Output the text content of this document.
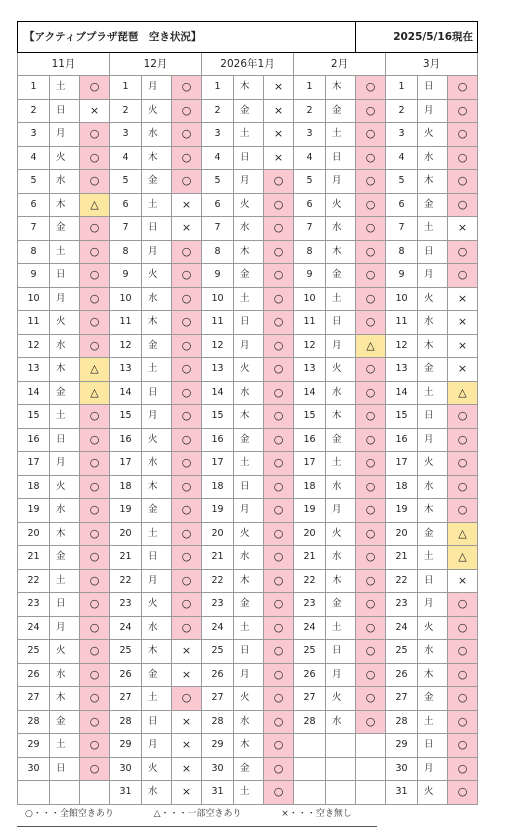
【アクティブプラザ琵琶　空き状況】											2025/5/16現在			
11月			12月			2026年1月			2月			3月		
1	土	○	1	月	○	1	木	×	1	木	○	1	日	○
2	日	×	2	火	○	2	金	×	2	金	○	2	月	○
3	月	○	3	水	○	3	土	×	3	土	○	3	火	○
4	火	○	4	木	○	4	日	×	4	日	○	4	水	○
5	水	○	5	金	○	5	月	○	5	月	○	5	木	○
6	木	△	6	土	×	6	火	○	6	火	○	6	金	○
7	金	○	7	日	×	7	水	○	7	水	○	7	土	×
8	土	○	8	月	○	8	木	○	8	木	○	8	日	○
9	日	○	9	火	○	9	金	○	9	金	○	9	月	○
10	月	○	10	水	○	10	土	○	10	土	○	10	火	×
11	火	○	11	木	○	11	日	○	11	日	○	11	水	×
12	水	○	12	金	○	12	月	○	12	月	△	12	木	×
13	木	△	13	土	○	13	火	○	13	火	○	13	金	×
14	金	△	14	日	○	14	水	○	14	水	○	14	土	△
15	土	○	15	月	○	15	木	○	15	木	○	15	日	○
16	日	○	16	火	○	16	金	○	16	金	○	16	月	○
17	月	○	17	水	○	17	土	○	17	土	○	17	火	○
18	火	○	18	木	○	18	日	○	18	水	○	18	水	○
19	水	○	19	金	○	19	月	○	19	月	○	19	木	○
20	木	○	20	土	○	20	火	○	20	火	○	20	金	△
21	金	○	21	日	○	21	水	○	21	水	○	21	土	△
22	土	○	22	月	○	22	木	○	22	木	○	22	日	×
23	日	○	23	火	○	23	金	○	23	金	○	23	月	○
24	月	○	24	水	○	24	土	○	24	土	○	24	火	○
25	火	○	25	木	×	25	日	○	25	日	○	25	水	○
26	水	○	26	金	×	26	月	○	26	月	○	26	木	○
27	木	○	27	土	○	27	火	○	27	火	○	27	金	○
28	金	○	28	日	×	28	水	○	28	水	○	28	土	○
29	土	○	29	月	×	29	木	○				29	日	○
30	日	○	30	火	×	30	金	○				30	月	○
			31	水	×	31	土	○				31	火	○
○・・・全館空きあり	△・・・一部空きあり	×・・・空き無し
